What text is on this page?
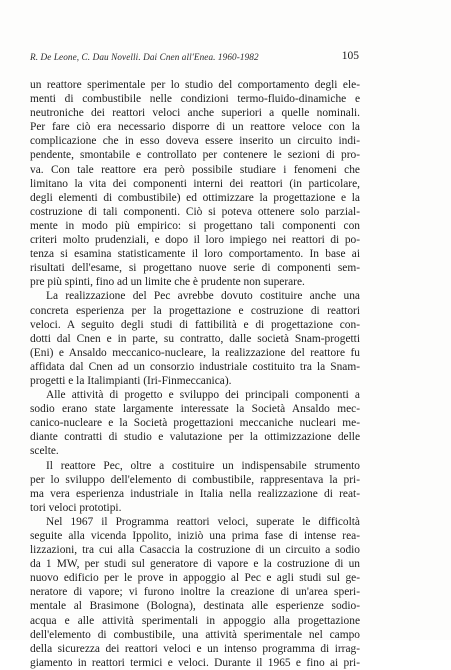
R. De Leone, C. Dau Novelli. Dai Cnen all'Enea. 1960-1982	105
un reattore sperimentale per lo studio del comportamento degli ele-
menti di combustibile nelle condizioni termo-fluido-dinamiche e
neutroniche dei reattori veloci anche superiori a quelle nominali.
Per fare ciò era necessario disporre di un reattore veloce con la
complicazione che in esso doveva essere inserito un circuito indi-
pendente, smontabile e controllato per contenere le sezioni di pro-
va. Con tale reattore era però possibile studiare i fenomeni che
limitano la vita dei componenti interni dei reattori (in particolare,
degli elementi di combustibile) ed ottimizzare la progettazione e la
costruzione di tali componenti. Ciò si poteva ottenere solo parzial-
mente in modo più empirico: si progettano tali componenti con
criteri molto prudenziali, e dopo il loro impiego nei reattori di po-
tenza si esamina statisticamente il loro comportamento. In base ai
risultati dell'esame, si progettano nuove serie di componenti sem-
pre più spinti, fino ad un limite che è prudente non superare.
La realizzazione del Pec avrebbe dovuto costituire anche una
concreta esperienza per la progettazione e costruzione di reattori
veloci. A seguito degli studi di fattibilità e di progettazione con-
dotti dal Cnen e in parte, su contratto, dalle società Snam-progetti
(Eni) e Ansaldo meccanico-nucleare, la realizzazione del reattore fu
affidata dal Cnen ad un consorzio industriale costituito tra la Snam-
progetti e la Italimpianti (Iri-Finmeccanica).
Alle attività di progetto e sviluppo dei principali componenti a
sodio erano state largamente interessate la Società Ansaldo mec-
canico-nucleare e la Società progettazioni meccaniche nucleari me-
diante contratti di studio e valutazione per la ottimizzazione delle
scelte.
Il reattore Pec, oltre a costituire un indispensabile strumento
per lo sviluppo dell'elemento di combustibile, rappresentava la pri-
ma vera esperienza industriale in Italia nella realizzazione di reat-
tori veloci prototipi.
Nel 1967 il Programma reattori veloci, superate le difficoltà
seguite alla vicenda Ippolito, iniziò una prima fase di intense rea-
lizzazioni, tra cui alla Casaccia la costruzione di un circuito a sodio
da 1 MW, per studi sul generatore di vapore e la costruzione di un
nuovo edificio per le prove in appoggio al Pec e agli studi sul ge-
neratore di vapore; vi furono inoltre la creazione di un'area speri-
mentale al Brasimone (Bologna), destinata alle esperienze sodio-
acqua e alle attività sperimentali in appoggio alla progettazione
dell'elemento di combustibile, una attività sperimentale nel campo
della sicurezza dei reattori veloci e un intenso programma di irrag-
giamento in reattori termici e veloci. Durante il 1965 e fino ai pri-
